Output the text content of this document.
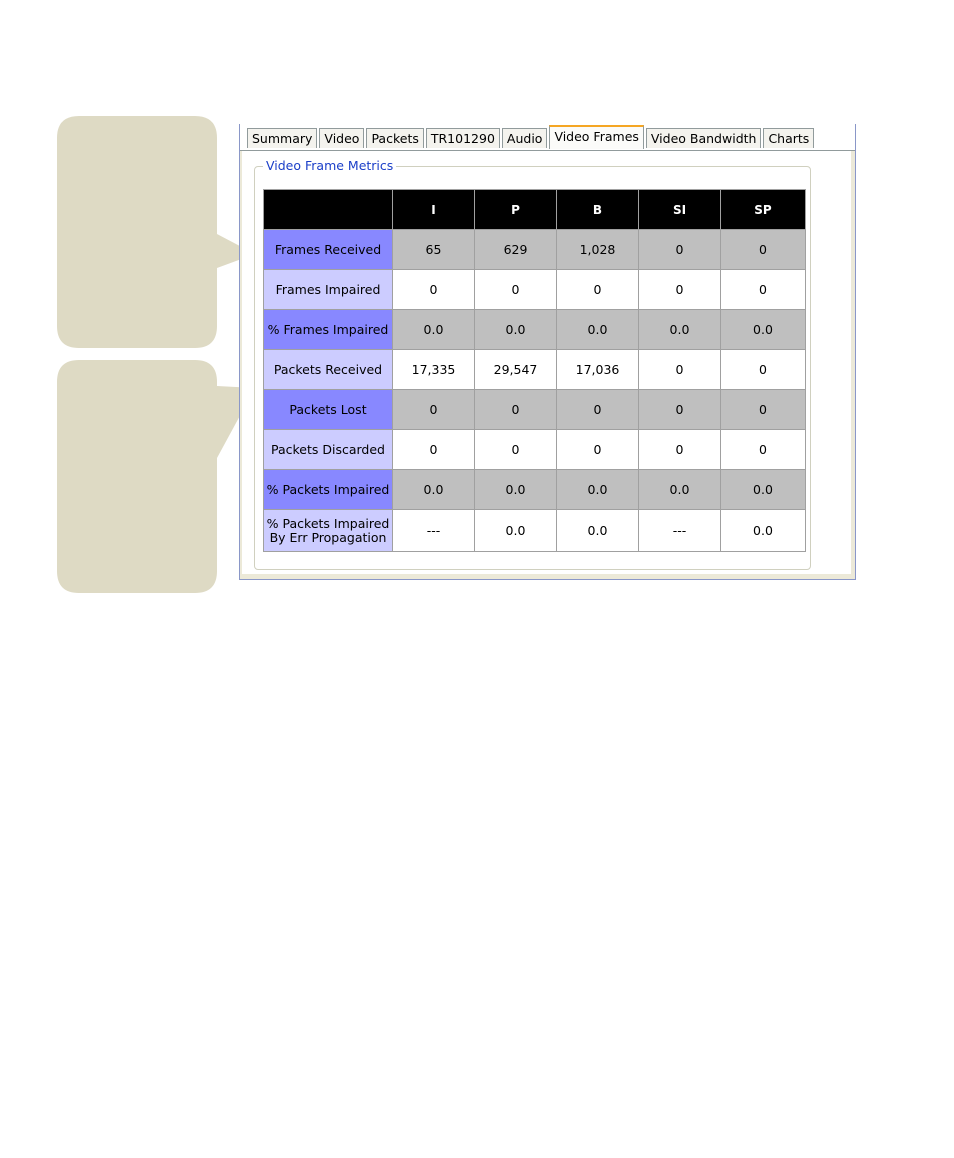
Summary Video Packets TR101290 Audio Video Frames Video Bandwidth Charts
Video Frame Metrics
	I	P	B	SI	SP
Frames Received	65	629	1,028	0	0
Frames Impaired	0	0	0	0	0
% Frames Impaired	0.0	0.0	0.0	0.0	0.0
Packets Received	17,335	29,547	17,036	0	0
Packets Lost	0	0	0	0	0
Packets Discarded	0	0	0	0	0
% Packets Impaired	0.0	0.0	0.0	0.0	0.0
% Packets Impaired
By Err Propagation	---	0.0	0.0	---	0.0
